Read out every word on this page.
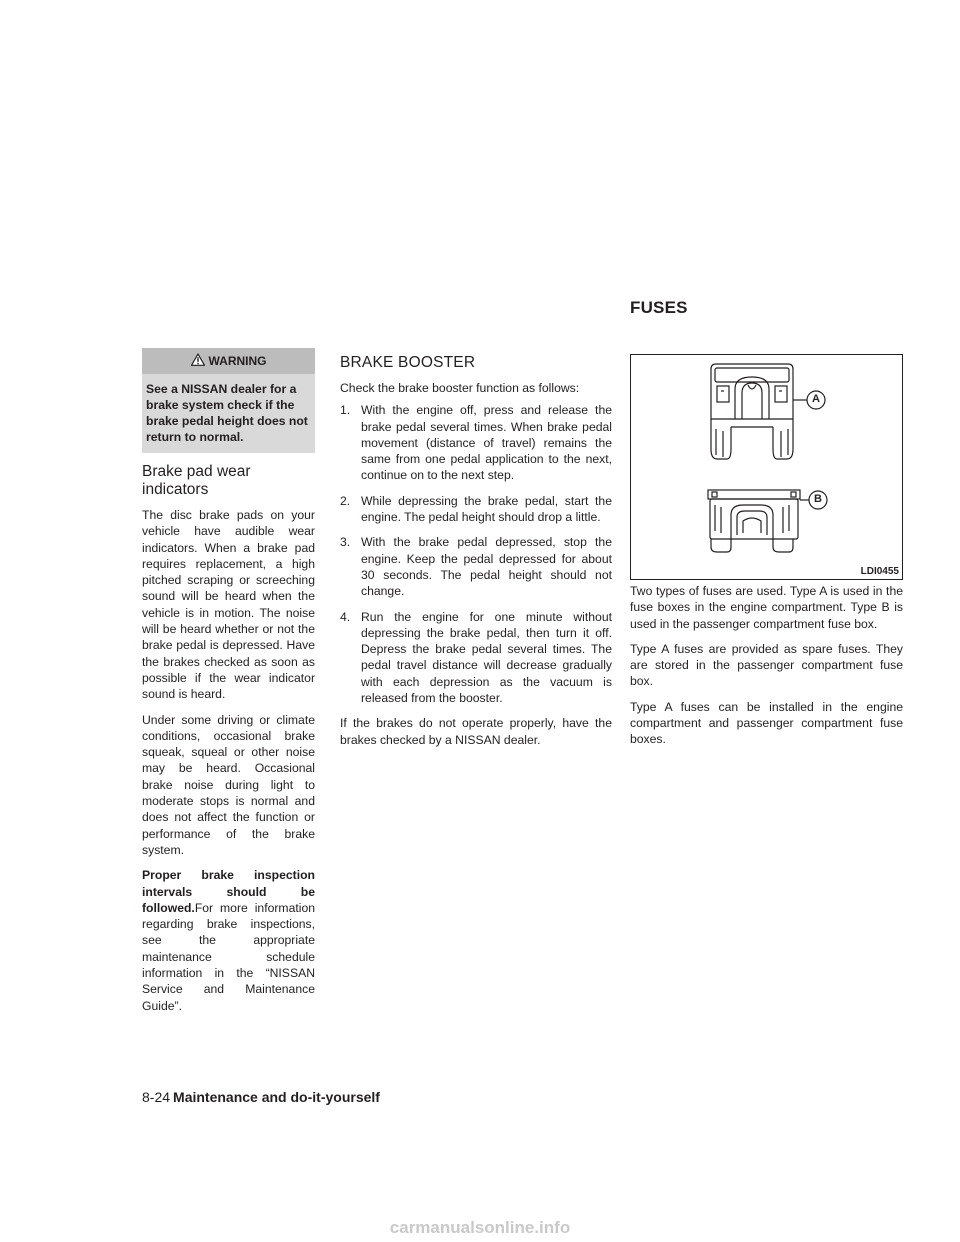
FUSES
WARNING

See a NISSAN dealer for a brake system check if the brake pedal height does not return to normal.

Brake pad wear indicators

The disc brake pads on your vehicle have audible wear indicators. When a brake pad requires replacement, a high pitched scraping or screeching sound will be heard when the vehicle is in motion. The noise will be heard whether or not the brake pedal is depressed. Have the brakes checked as soon as possible if the wear indicator sound is heard.

Under some driving or climate conditions, occasional brake squeak, squeal or other noise may be heard. Occasional brake noise during light to moderate stops is normal and does not affect the function or performance of the brake system.

Proper brake inspection intervals should be followed.For more information regarding brake inspections, see the appropriate maintenance schedule information in the “NISSAN Service and Maintenance Guide”.

BRAKE BOOSTER

Check the brake booster function as follows:

1. With the engine off, press and release the brake pedal several times. When brake pedal movement (distance of travel) remains the same from one pedal application to the next, continue on to the next step.
2. While depressing the brake pedal, start the engine. The pedal height should drop a little.
3. With the brake pedal depressed, stop the engine. Keep the pedal depressed for about 30 seconds. The pedal height should not change.
4. Run the engine for one minute without depressing the brake pedal, then turn it off. Depress the brake pedal several times. The pedal travel distance will decrease gradually with each depression as the vacuum is released from the booster.

If the brakes do not operate properly, have the brakes checked by a NISSAN dealer.

A
B
LDI0455

Two types of fuses are used. Type A is used in the fuse boxes in the engine compartment. Type B is used in the passenger compartment fuse box.

Type A fuses are provided as spare fuses. They are stored in the passenger compartment fuse box.

Type A fuses can be installed in the engine compartment and passenger compartment fuse boxes.

8-24 Maintenance and do-it-yourself
carmanualsonline.info
